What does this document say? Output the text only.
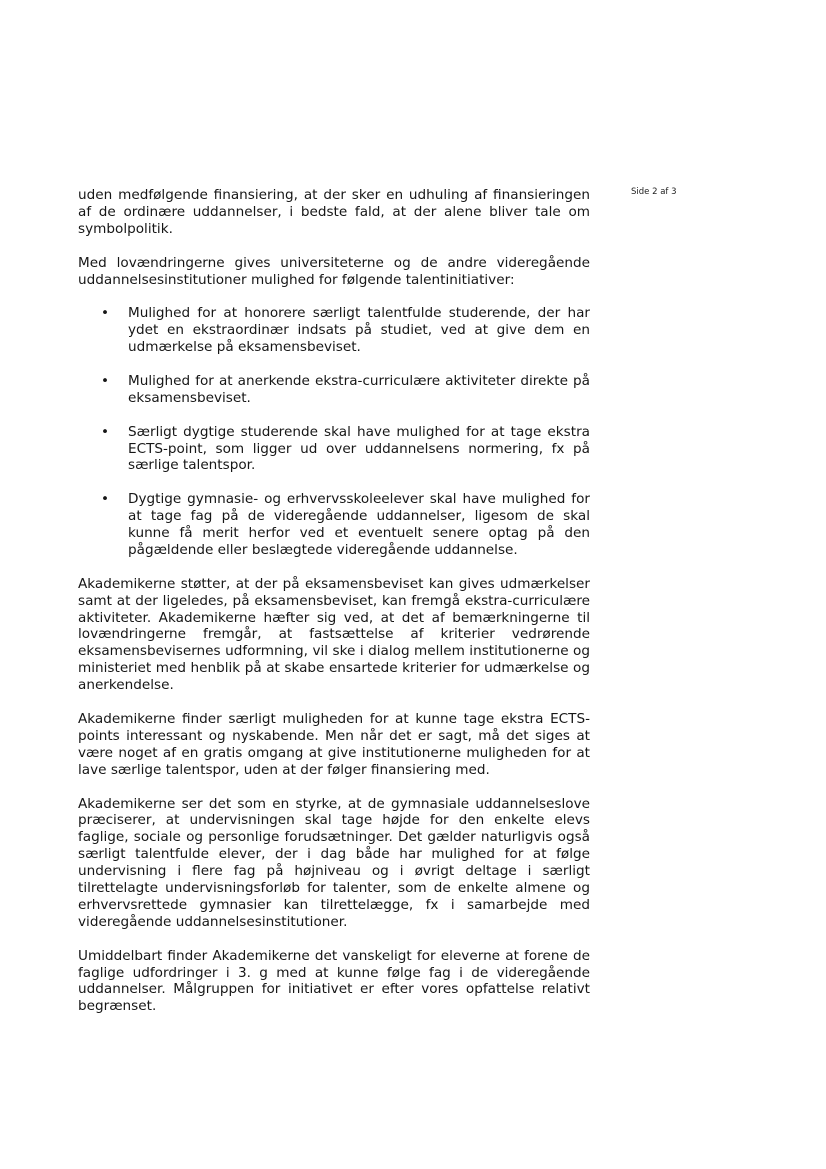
Side 2 af 3

uden medfølgende finansiering, at der sker en udhuling af finansieringen af de ordinære uddannelser, i bedste fald, at der alene bliver tale om symbolpolitik.

Med lovændringerne gives universiteterne og de andre videregående uddannelsesinstitutioner mulighed for følgende talentinitiativer:

• Mulighed for at honorere særligt talentfulde studerende, der har ydet en ekstraordinær indsats på studiet, ved at give dem en udmærkelse på eksamensbeviset.
• Mulighed for at anerkende ekstra-curriculære aktiviteter direkte på eksamensbeviset.
• Særligt dygtige studerende skal have mulighed for at tage ekstra ECTS-point, som ligger ud over uddannelsens normering, fx på særlige talentspor.
• Dygtige gymnasie- og erhvervsskoleelever skal have mulighed for at tage fag på de videregående uddannelser, ligesom de skal kunne få merit herfor ved et eventuelt senere optag på den pågældende eller beslægtede videregående uddannelse.

Akademikerne støtter, at der på eksamensbeviset kan gives udmærkelser samt at der ligeledes, på eksamensbeviset, kan fremgå ekstra-curriculære aktiviteter. Akademikerne hæfter sig ved, at det af bemærkningerne til lovændringerne fremgår, at fastsættelse af kriterier vedrørende eksamensbevisernes udformning, vil ske i dialog mellem institutionerne og ministeriet med henblik på at skabe ensartede kriterier for udmærkelse og anerkendelse.

Akademikerne finder særligt muligheden for at kunne tage ekstra ECTS-points interessant og nyskabende. Men når det er sagt, må det siges at være noget af en gratis omgang at give institutionerne muligheden for at lave særlige talentspor, uden at der følger finansiering med.

Akademikerne ser det som en styrke, at de gymnasiale uddannelseslove præciserer, at undervisningen skal tage højde for den enkelte elevs faglige, sociale og personlige forudsætninger. Det gælder naturligvis også særligt talentfulde elever, der i dag både har mulighed for at følge undervisning i flere fag på højniveau og i øvrigt deltage i særligt tilrettelagte undervisningsforløb for talenter, som de enkelte almene og erhvervsrettede gymnasier kan tilrettelægge, fx i samarbejde med videregående uddannelsesinstitutioner.

Umiddelbart finder Akademikerne det vanskeligt for eleverne at forene de faglige udfordringer i 3. g med at kunne følge fag i de videregående uddannelser. Målgruppen for initiativet er efter vores opfattelse relativt begrænset.
